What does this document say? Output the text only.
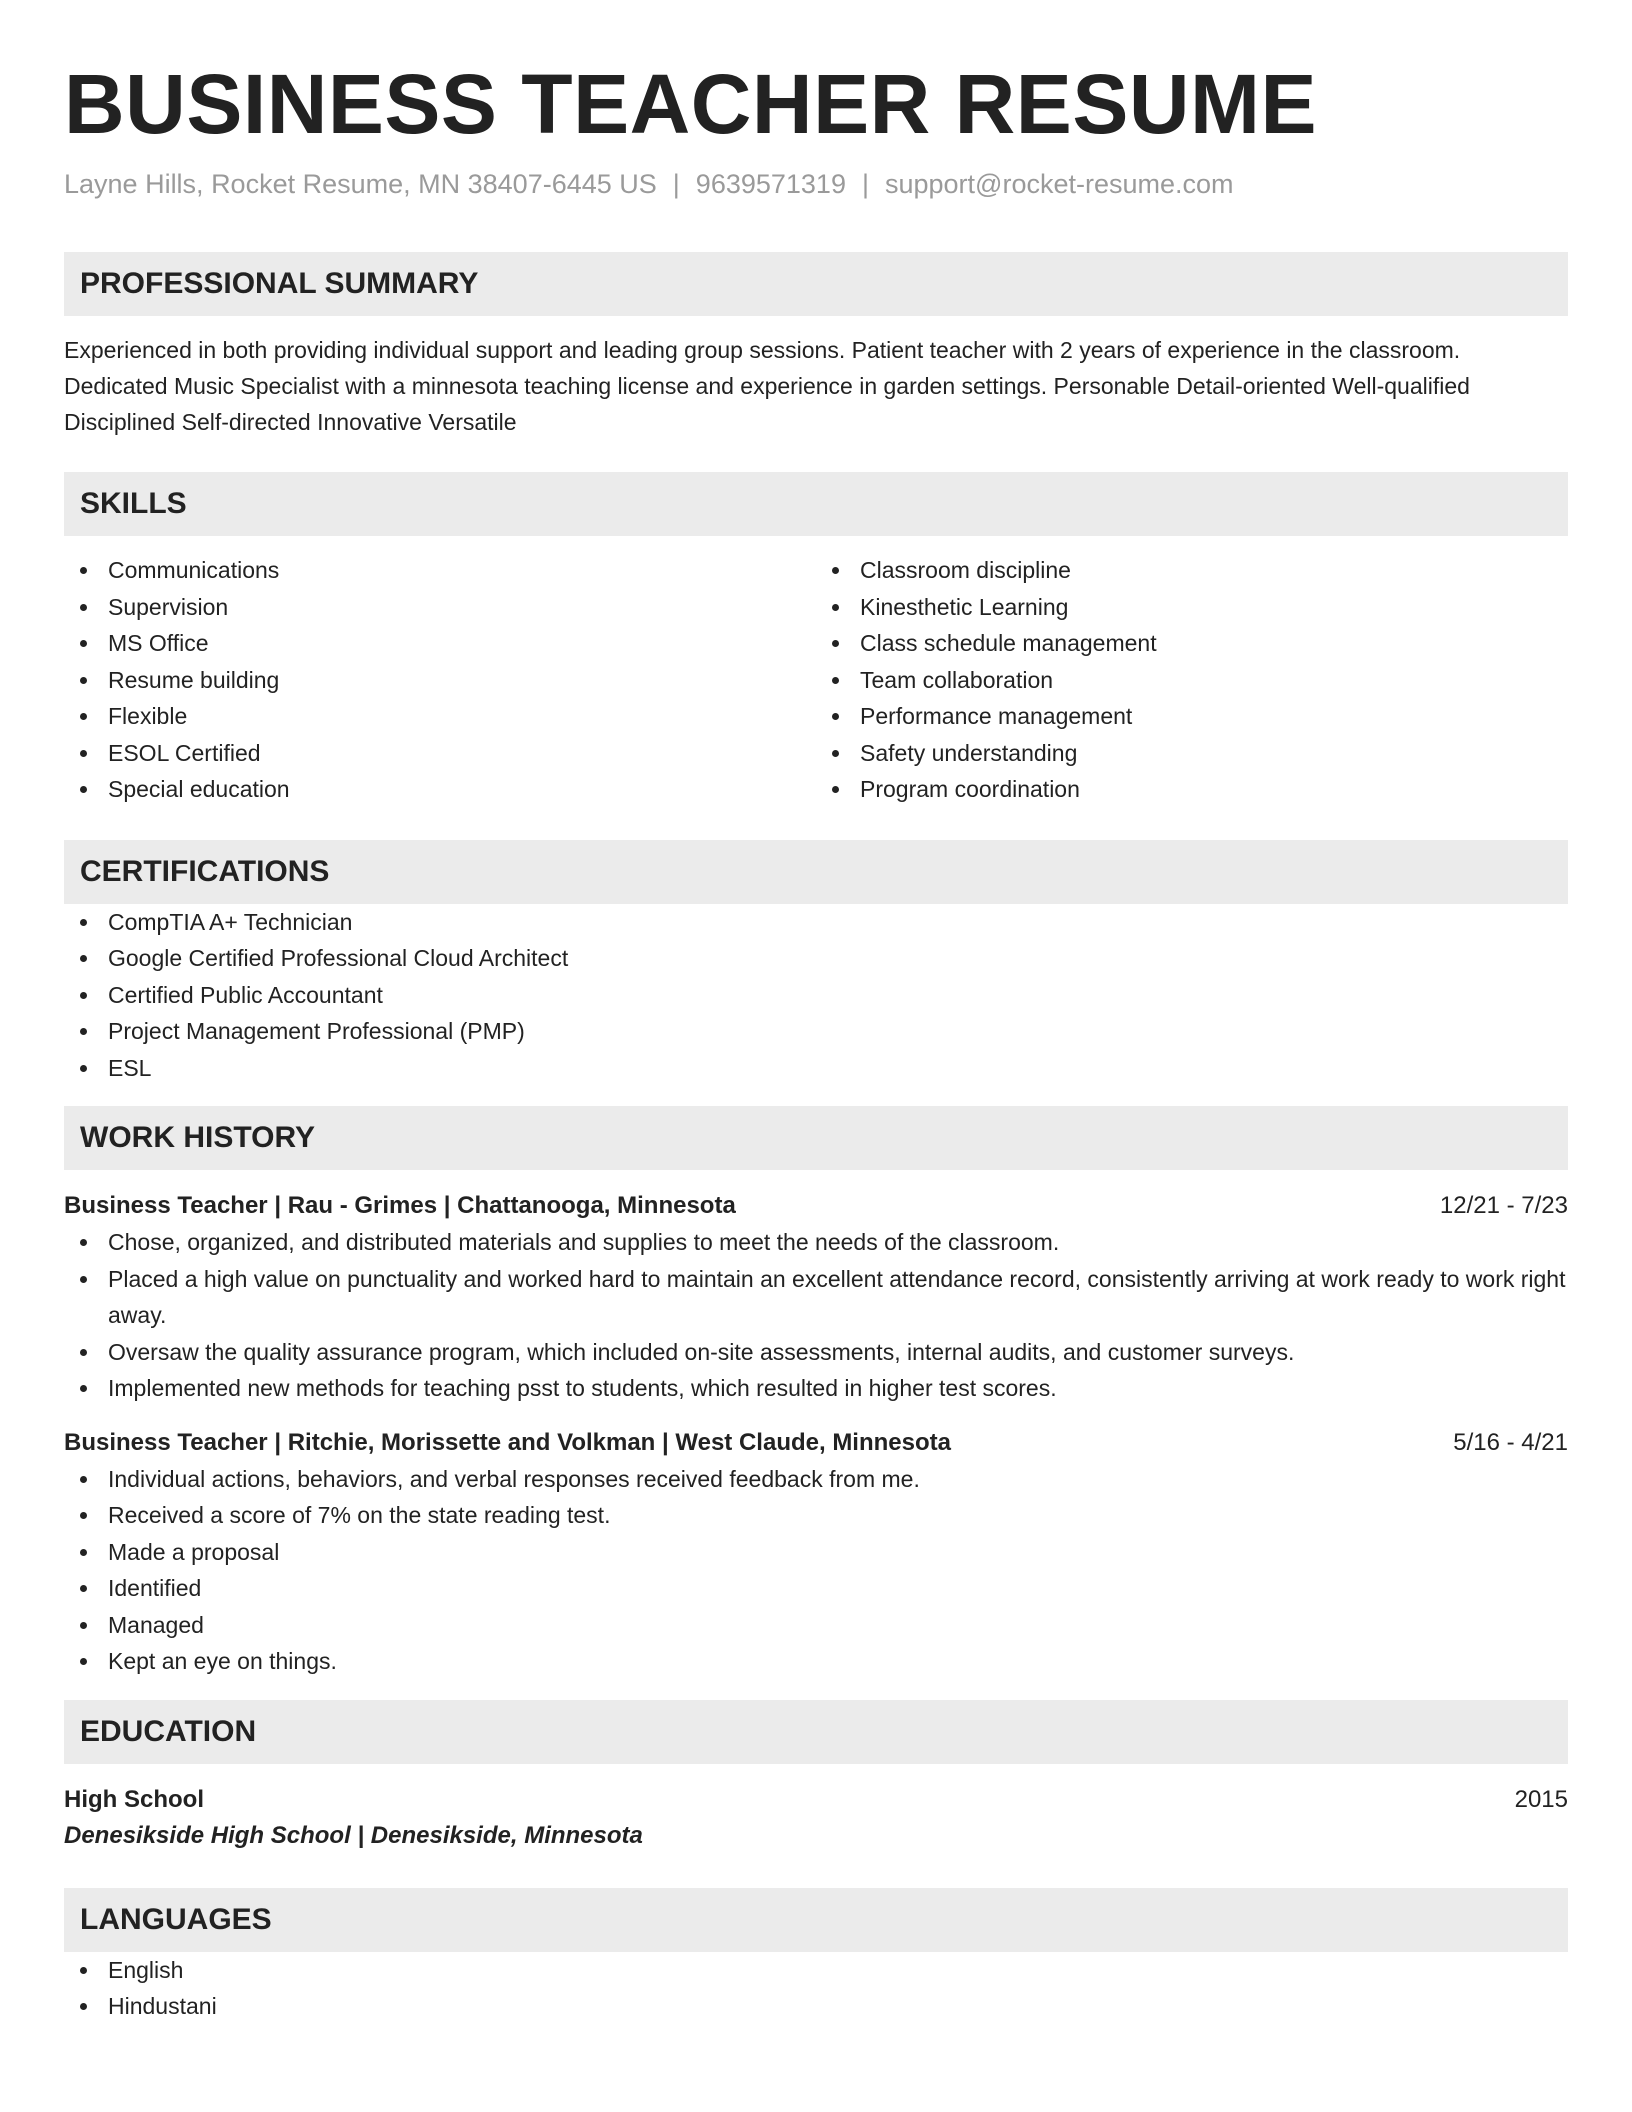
BUSINESS TEACHER RESUME
Layne Hills, Rocket Resume, MN 38407-6445 US | 9639571319 | support@rocket-resume.com
PROFESSIONAL SUMMARY
Experienced in both providing individual support and leading group sessions. Patient teacher with 2 years of experience in the classroom. Dedicated Music Specialist with a minnesota teaching license and experience in garden settings. Personable Detail-oriented Well-qualified Disciplined Self-directed Innovative Versatile
SKILLS
Communications
Supervision
MS Office
Resume building
Flexible
ESOL Certified
Special education
Classroom discipline
Kinesthetic Learning
Class schedule management
Team collaboration
Performance management
Safety understanding
Program coordination
CERTIFICATIONS
CompTIA A+ Technician
Google Certified Professional Cloud Architect
Certified Public Accountant
Project Management Professional (PMP)
ESL
WORK HISTORY
Business Teacher | Rau - Grimes | Chattanooga, Minnesota	12/21 - 7/23
Chose, organized, and distributed materials and supplies to meet the needs of the classroom.
Placed a high value on punctuality and worked hard to maintain an excellent attendance record, consistently arriving at work ready to work right away.
Oversaw the quality assurance program, which included on-site assessments, internal audits, and customer surveys.
Implemented new methods for teaching psst to students, which resulted in higher test scores.
Business Teacher | Ritchie, Morissette and Volkman | West Claude, Minnesota	5/16 - 4/21
Individual actions, behaviors, and verbal responses received feedback from me.
Received a score of 7% on the state reading test.
Made a proposal
Identified
Managed
Kept an eye on things.
EDUCATION
High School	2015
Denesikside High School | Denesikside, Minnesota
LANGUAGES
English
Hindustani
